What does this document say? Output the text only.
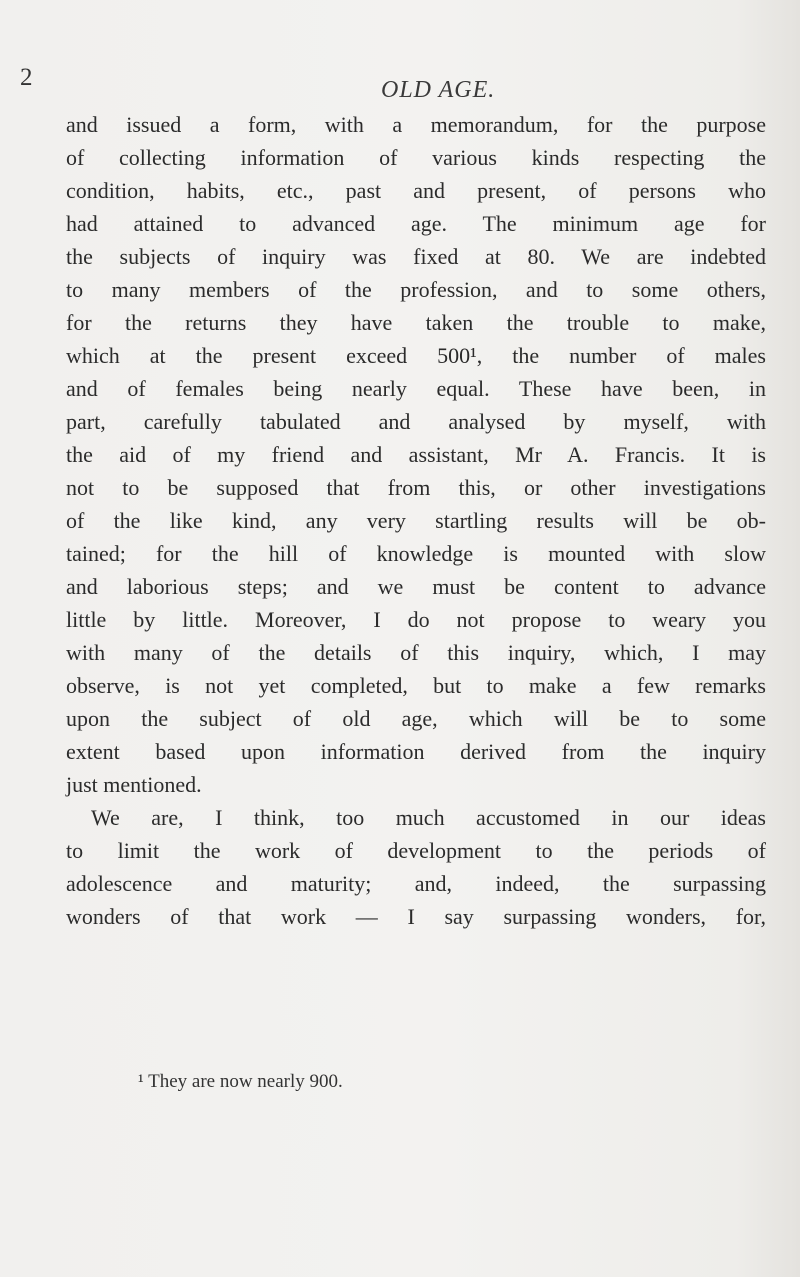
2	OLD AGE.
and issued a form, with a memorandum, for the purpose
of collecting information of various kinds respecting the
condition, habits, etc., past and present, of persons who
had attained to advanced age. The minimum age for
the subjects of inquiry was fixed at 80. We are indebted
to many members of the profession, and to some others,
for the returns they have taken the trouble to make,
which at the present exceed 500¹, the number of males
and of females being nearly equal. These have been, in
part, carefully tabulated and analysed by myself, with
the aid of my friend and assistant, Mr A. Francis. It is
not to be supposed that from this, or other investigations
of the like kind, any very startling results will be ob-
tained; for the hill of knowledge is mounted with slow
and laborious steps; and we must be content to advance
little by little. Moreover, I do not propose to weary you
with many of the details of this inquiry, which, I may
observe, is not yet completed, but to make a few remarks
upon the subject of old age, which will be to some
extent based upon information derived from the inquiry
just mentioned.
We are, I think, too much accustomed in our ideas
to limit the work of development to the periods of
adolescence and maturity; and, indeed, the surpassing
wonders of that work — I say surpassing wonders, for,
¹ They are now nearly 900.
